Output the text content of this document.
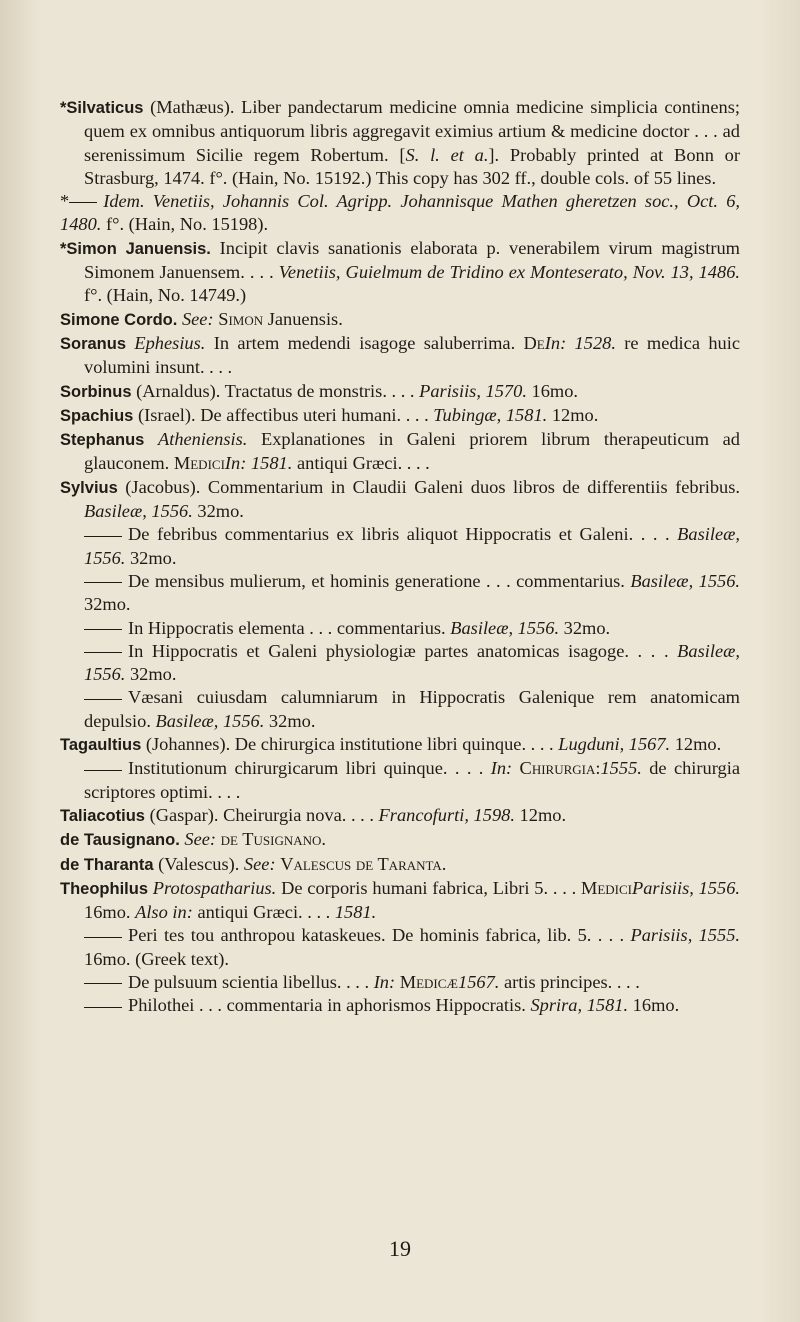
*Silvaticus (Mathæus). Liber pandectarum medicine omnia medicine simplicia continens; quem ex omnibus antiquorum libris aggregavit eximius artium & medicine doctor . . . ad serenissimum Sicilie regem Robertum. [S. l. et a.]. Probably printed at Bonn or Strasburg, 1474. f°. (Hain, No. 15192.) This copy has 302 ff., double cols. of 55 lines.
* Idem. Venetiis, Johannis Col. Agripp. Johannisque Mathen gheretzen soc., Oct. 6, 1480. f°. (Hain, No. 15198).
*Simon Januensis. Incipit clavis sanationis elaborata p. venerabilem virum magistrum Simonem Januensem. . . . Venetiis, Guielmum de Tridino ex Monteserato, Nov. 13, 1486. f°. (Hain, No. 14749.)
Simone Cordo. See: Simon Januensis.
Soranus Ephesius. In artem medendi isagoge saluberrima. DeIn: 1528. re medica huic volumini insunt. . . .
Sorbinus (Arnaldus). Tractatus de monstris. . . . Parisiis, 1570. 16mo.
Spachius (Israel). De affectibus uteri humani. . . . Tubingæ, 1581. 12mo.
Stephanus Atheniensis. Explanationes in Galeni priorem librum therapeuticum ad glauconem. MediciIn: 1581. antiqui Græci. . . .
Sylvius (Jacobus). Commentarium in Claudii Galeni duos libros de differentiis febribus. Basileæ, 1556. 32mo.
De febribus commentarius ex libris aliquot Hippocratis et Galeni. . . . Basileæ, 1556. 32mo.
De mensibus mulierum, et hominis generatione . . . commentarius. Basileæ, 1556. 32mo.
In Hippocratis elementa . . . commentarius. Basileæ, 1556. 32mo.
In Hippocratis et Galeni physiologiæ partes anatomicas isagoge. . . . Basileæ, 1556. 32mo.
Væsani cuiusdam calumniarum in Hippocratis Galenique rem anatomicam depulsio. Basileæ, 1556. 32mo.
Tagaultius (Johannes). De chirurgica institutione libri quinque. . . . Lugduni, 1567. 12mo.
Institutionum chirurgicarum libri quinque. . . . In: Chirurgia:1555. de chirurgia scriptores optimi. . . .
Taliacotius (Gaspar). Cheirurgia nova. . . . Francofurti, 1598. 12mo.
de Tausignano. See: de Tusignano.
de Tharanta (Valescus). See: Valescus de Taranta.
Theophilus Protospatharius. De corporis humani fabrica, Libri 5. . . . MediciParisiis, 1556. 16mo. Also in: antiqui Græci. . . . 1581.
Peri tes tou anthropou kataskeues. De hominis fabrica, lib. 5. . . . Parisiis, 1555. 16mo. (Greek text).
De pulsuum scientia libellus. . . . In: Medicæ1567. artis principes. . . .
Philothei . . . commentaria in aphorismos Hippocratis. Sprira, 1581. 16mo.
19
